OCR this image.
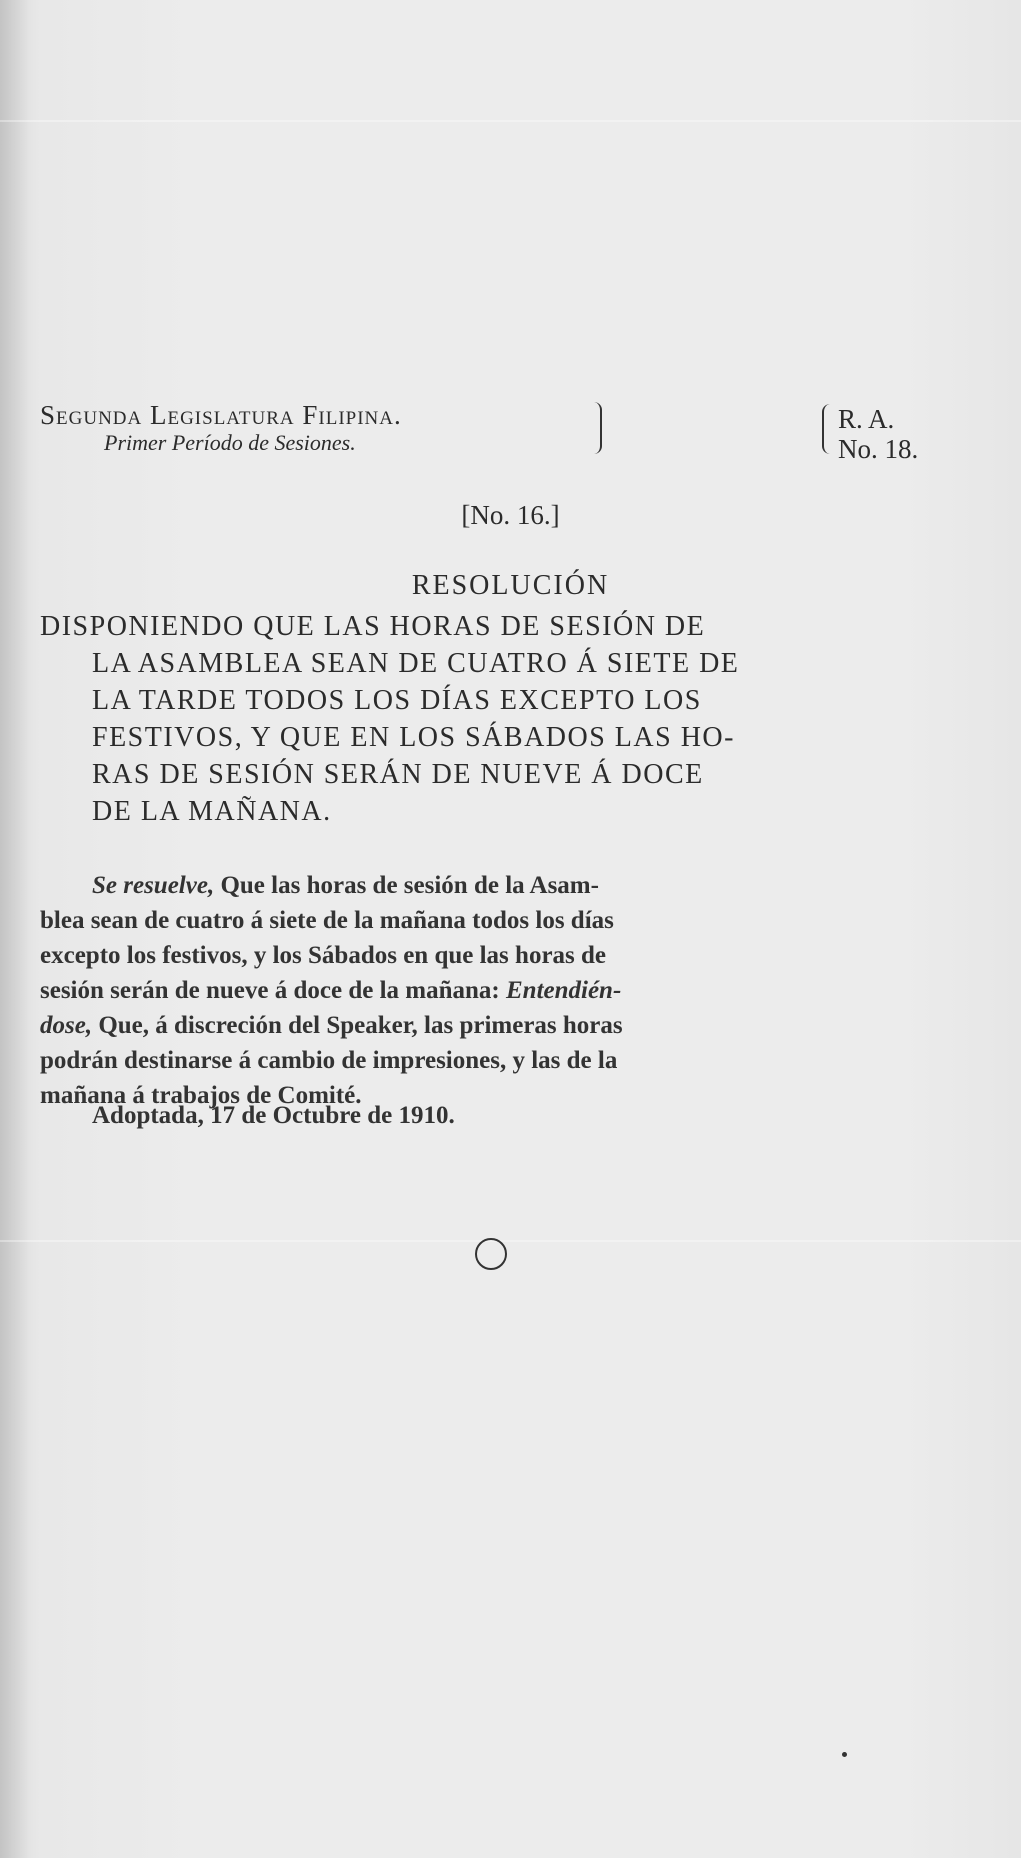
Segunda Legislatura Filipina.
Primer Período de Sesiones.
R. A.
No. 18.
[No. 16.]
RESOLUCIÓN
DISPONIENDO QUE LAS HORAS DE SESIÓN DE
LA ASAMBLEA SEAN DE CUATRO Á SIETE DE
LA TARDE TODOS LOS DÍAS EXCEPTO LOS
FESTIVOS, Y QUE EN LOS SÁBADOS LAS HO-
RAS DE SESIÓN SERÁN DE NUEVE Á DOCE
DE LA MAÑANA.
Se resuelve, Que las horas de sesión de la Asam-
blea sean de cuatro á siete de la mañana todos los días
excepto los festivos, y los Sábados en que las horas de
sesión serán de nueve á doce de la mañana: Entendién-
dose, Que, á discreción del Speaker, las primeras horas
podrán destinarse á cambio de impresiones, y las de la
mañana á trabajos de Comité.
Adoptada, 17 de Octubre de 1910.
